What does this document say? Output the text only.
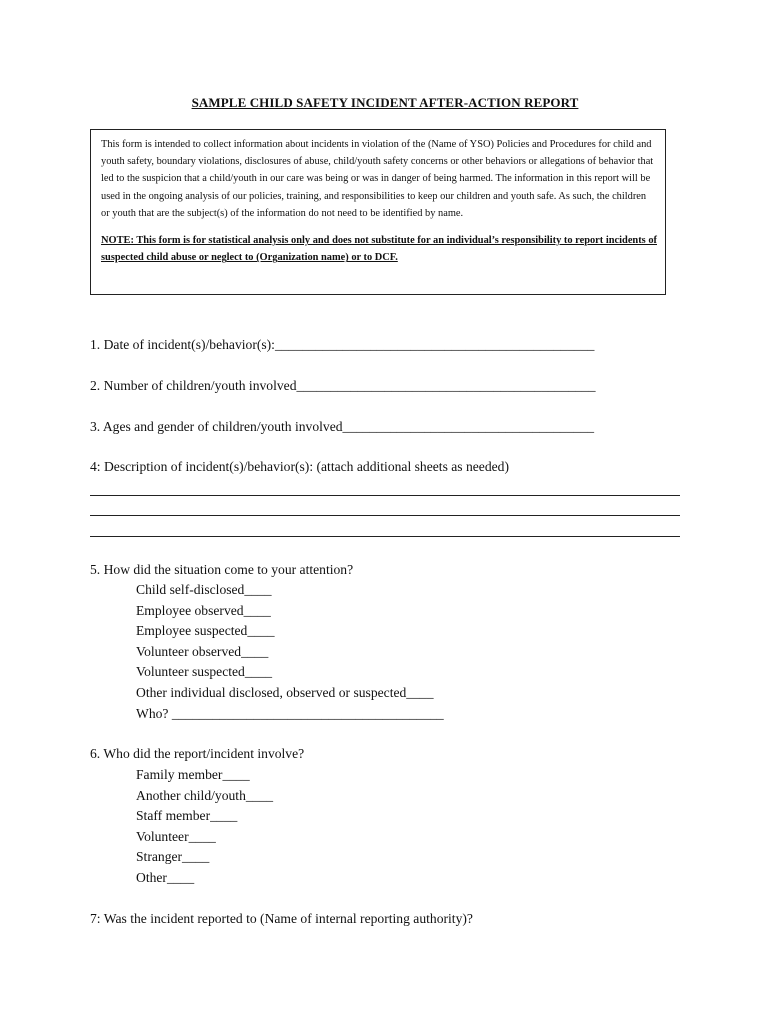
SAMPLE CHILD SAFETY INCIDENT AFTER-ACTION REPORT

This form is intended to collect information about incidents in violation of the (Name of YSO) Policies and Procedures for child and youth safety, boundary violations, disclosures of abuse, child/youth safety concerns or other behaviors or allegations of behavior that led to the suspicion that a child/youth in our care was being or was in danger of being harmed. The information in this report will be used in the ongoing analysis of our policies, training, and responsibilities to keep our children and youth safe. As such, the children or youth that are the subject(s) of the information do not need to be identified by name.

NOTE: This form is for statistical analysis only and does not substitute for an individual’s responsibility to report incidents of suspected child abuse or neglect to (Organization name) or to DCF.

1. Date of incident(s)/behavior(s):_______________________________________________
2. Number of children/youth involved____________________________________________
3. Ages and gender of children/youth involved_____________________________________
4: Description of incident(s)/behavior(s): (attach additional sheets as needed)
5. How did the situation come to your attention?
Child self-disclosed____
Employee observed____
Employee suspected____
Volunteer observed____
Volunteer suspected____
Other individual disclosed, observed or suspected____
Who? ________________________________________
6. Who did the report/incident involve?
Family member____
Another child/youth____
Staff member____
Volunteer____
Stranger____
Other____
7: Was the incident reported to (Name of internal reporting authority)?
